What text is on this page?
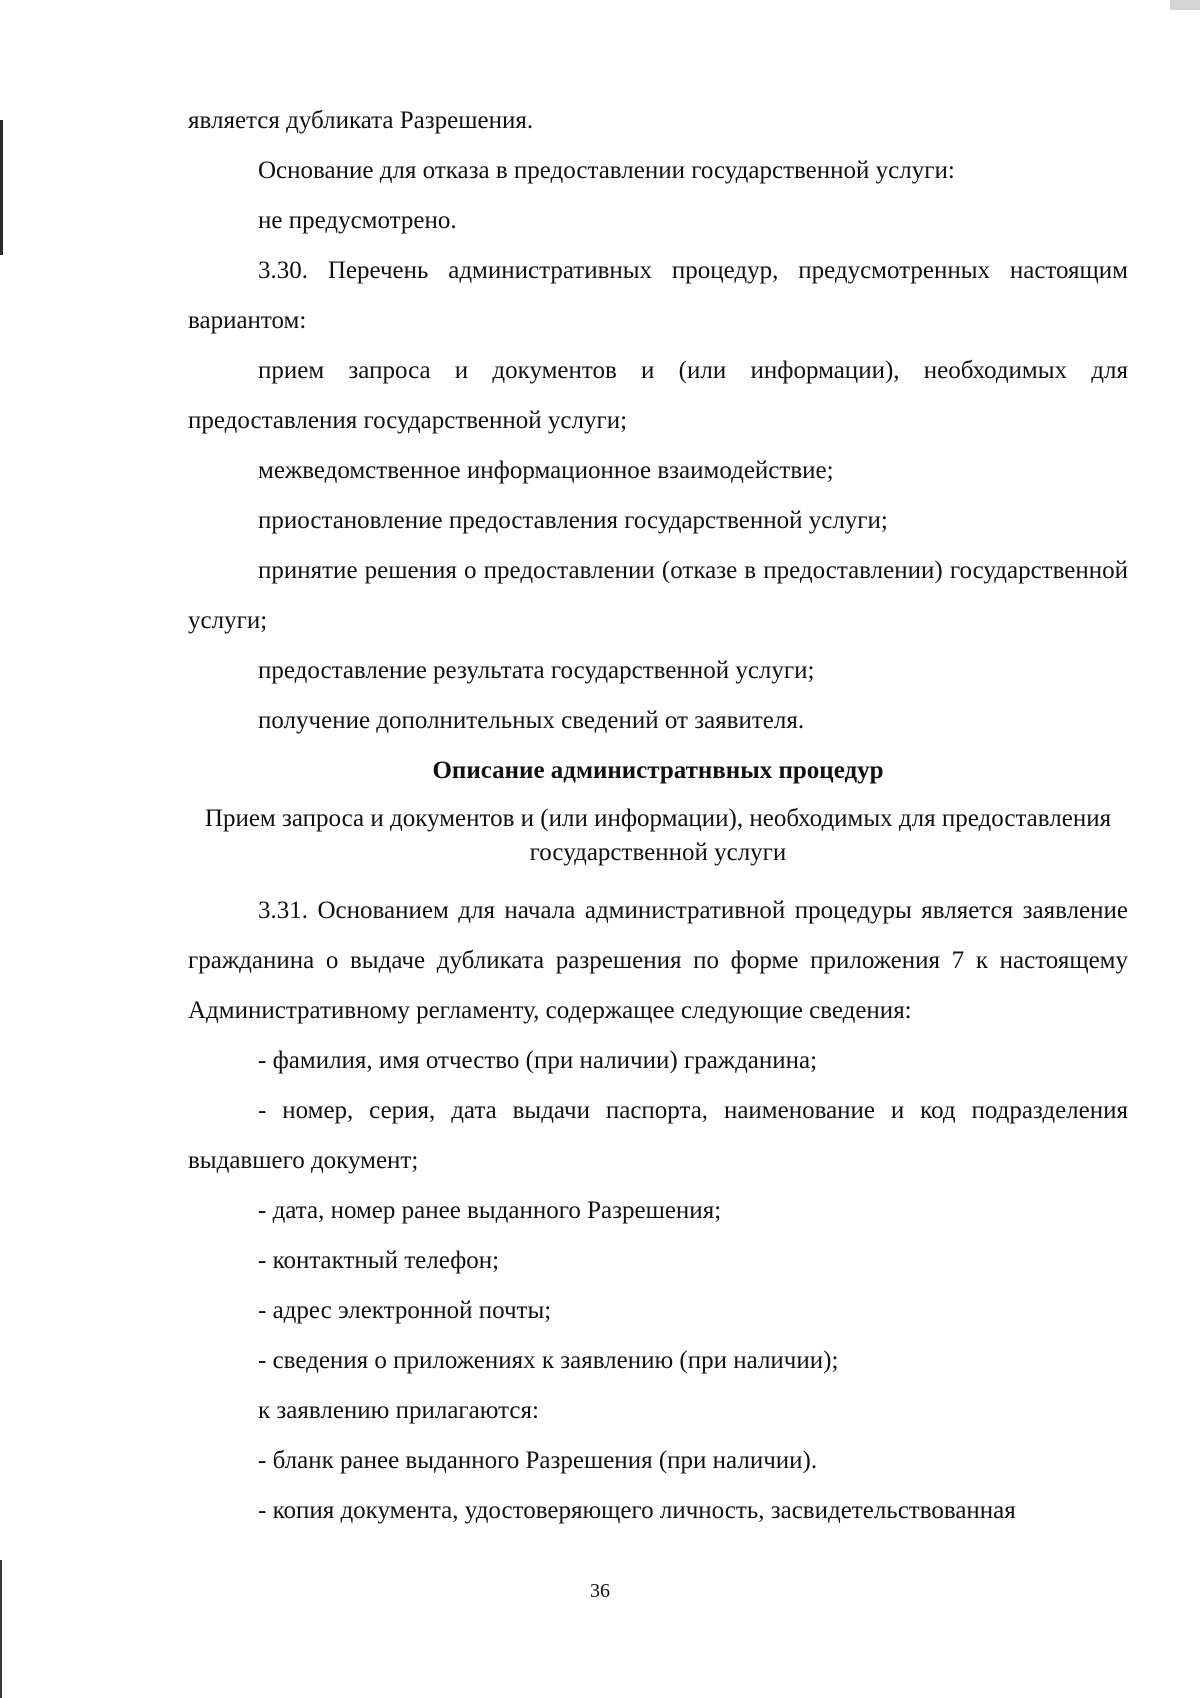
является дубликата Разрешения.

Основание для отказа в предоставлении государственной услуги:

не предусмотрено.

3.30. Перечень административных процедур, предусмотренных настоящим вариантом:

прием запроса и документов и (или информации), необходимых для предоставления государственной услуги;

межведомственное информационное взаимодействие;

приостановление предоставления государственной услуги;

принятие решения о предоставлении (отказе в предоставлении) государственной услуги;

предоставление результата государственной услуги;

получение дополнительных сведений от заявителя.

Описание администратнвных процедур

Прием запроса и документов и (или информации), необходимых для предоставления государственной услуги

3.31. Основанием для начала административной процедуры является заявление гражданина о выдаче дубликата разрешения по форме приложения 7 к настоящему Административному регламенту, содержащее следующие сведения:

- фамилия, имя отчество (при наличии) гражданина;

- номер, серия, дата выдачи паспорта, наименование и код подразделения выдавшего документ;

- дата, номер ранее выданного Разрешения;

- контактный телефон;

- адрес электронной почты;

- сведения о приложениях к заявлению (при наличии);

к заявлению прилагаются:

- бланк ранее выданного Разрешения (при наличии).

- копия документа, удостоверяющего личность, засвидетельствованная

36
